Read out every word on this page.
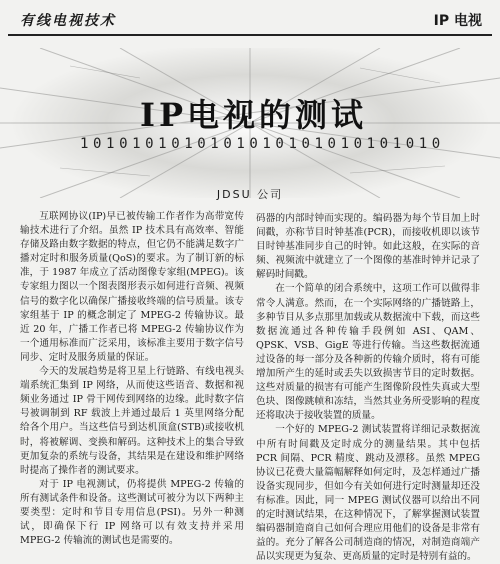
有线电视技术	IP 电视
IP电视的测试
1010101010101010101010101010
JDSU 公司

互联网协议(IP)早已被传输工作者作为高带宽传输技术进行了介绍。虽然 IP 技术具有高效率、智能存储及路由数字数据的特点，但它仍不能满足数字广播对定时和服务质量(QoS)的要求。为了制订新的标准，于 1987 年成立了活动图像专家组(MPEG)。该专家组力图以一个图表图形表示如何进行音频、视频信号的数字化以确保广播接收终端的信号质量。该专家组基于 IP 的概念制定了 MPEG-2 传输协议。最近 20 年，广播工作者已将 MPEG-2 传输协议作为一个通用标准而广泛采用，该标准主要用于数字信号同步、定时及服务质量的保证。

今天的发展趋势是将卫星上行链路、有线电视头端系统汇集到 IP 网络，从而使这些语音、数据和视频业务通过 IP 骨干网传到网络的边缘。此时数字信号被调制到 RF 载波上并通过最后 1 英里网络分配给各个用户。当这些信号到达机顶盒(STB)或接收机时，将被解调、变换和解码。这种技术上的集合导致更加复杂的系统与设备，其结果是在建设和维护网络时提高了操作者的测试要求。

对于 IP 电视测试，仍将提供 MPEG-2 传输的所有测试条件和设备。这些测试可被分为以下两种主要类型：定时和节目专用信息(PSI)。另外一种测试，即确保下行 IP 网络可以有效支持并采用 MPEG-2 传输流的测试也是需要的。

码器的内部时钟而实现的。编码器为每个节目加上时间戳，亦称节目时钟基准(PCR)，而接收机即以该节目时钟基准同步自己的时钟。如此这般，在实际的音频、视频流中就建立了一个图像的基准时钟并记录了解码时间戳。

在一个简单的闭合系统中，这项工作可以做得非常令人满意。然而，在一个实际网络的广播链路上，多种节目从多点那里加载或从数据流中下载，而这些数据流通过各种传输手段例如 ASI、QAM、QPSK、VSB、GigE 等进行传输。当这些数据流通过设备的每一部分及各种新的传输介质时，将有可能增加所产生的延时或丢失以致损害节目的定时数据。这些对质量的损害有可能产生图像阶段性失真或大型色块、图像跳帧和冻结，当然其业务所受影响的程度还将取决于接收装置的质量。

一个好的 MPEG-2 测试装置将详细记录数据流中所有时间戳及定时成分的测量结果。其中包括 PCR 间隔、PCR 精度、跳动及漂移。虽然 MPEG 协议已花费大量篇幅解释如何定时，及怎样通过广播设备实现同步，但如今有关如何进行定时测量却还没有标准。因此，同一 MPEG 测试仪器可以给出不同的定时测试结果，在这种情况下，了解掌握测试装置编码器制造商自己如何合理应用他们的设备是非常有益的。充分了解各公司制造商的情况，对制造商端产品以实现更为复杂、更高质量的定时是特别有益的。
